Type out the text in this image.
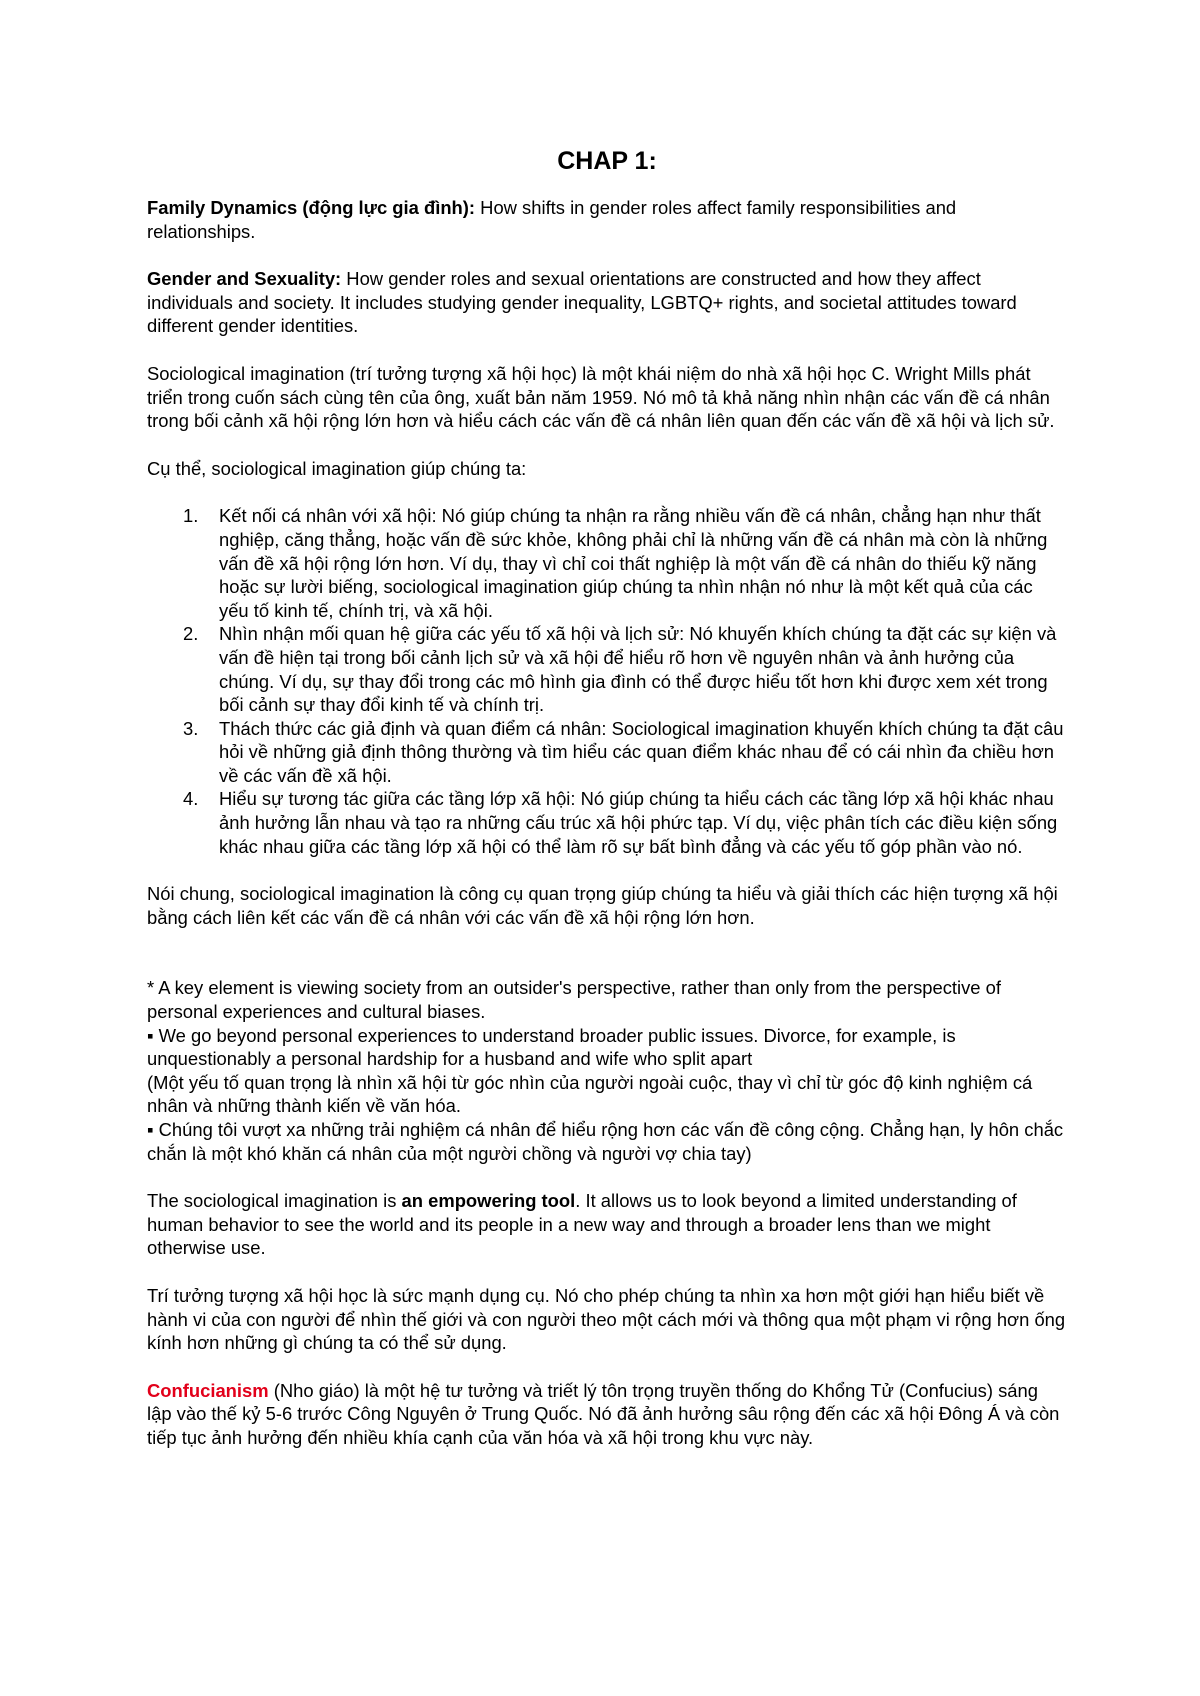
CHAP 1:

Family Dynamics (động lực gia đình): How shifts in gender roles affect family responsibilities and relationships.

Gender and Sexuality: How gender roles and sexual orientations are constructed and how they affect individuals and society. It includes studying gender inequality, LGBTQ+ rights, and societal attitudes toward different gender identities.

Sociological imagination (trí tưởng tượng xã hội học) là một khái niệm do nhà xã hội học C. Wright Mills phát triển trong cuốn sách cùng tên của ông, xuất bản năm 1959. Nó mô tả khả năng nhìn nhận các vấn đề cá nhân trong bối cảnh xã hội rộng lớn hơn và hiểu cách các vấn đề cá nhân liên quan đến các vấn đề xã hội và lịch sử.

Cụ thể, sociological imagination giúp chúng ta:

1. Kết nối cá nhân với xã hội: Nó giúp chúng ta nhận ra rằng nhiều vấn đề cá nhân, chẳng hạn như thất nghiệp, căng thẳng, hoặc vấn đề sức khỏe, không phải chỉ là những vấn đề cá nhân mà còn là những vấn đề xã hội rộng lớn hơn. Ví dụ, thay vì chỉ coi thất nghiệp là một vấn đề cá nhân do thiếu kỹ năng hoặc sự lười biếng, sociological imagination giúp chúng ta nhìn nhận nó như là một kết quả của các yếu tố kinh tế, chính trị, và xã hội.
2. Nhìn nhận mối quan hệ giữa các yếu tố xã hội và lịch sử: Nó khuyến khích chúng ta đặt các sự kiện và vấn đề hiện tại trong bối cảnh lịch sử và xã hội để hiểu rõ hơn về nguyên nhân và ảnh hưởng của chúng. Ví dụ, sự thay đổi trong các mô hình gia đình có thể được hiểu tốt hơn khi được xem xét trong bối cảnh sự thay đổi kinh tế và chính trị.
3. Thách thức các giả định và quan điểm cá nhân: Sociological imagination khuyến khích chúng ta đặt câu hỏi về những giả định thông thường và tìm hiểu các quan điểm khác nhau để có cái nhìn đa chiều hơn về các vấn đề xã hội.
4. Hiểu sự tương tác giữa các tầng lớp xã hội: Nó giúp chúng ta hiểu cách các tầng lớp xã hội khác nhau ảnh hưởng lẫn nhau và tạo ra những cấu trúc xã hội phức tạp. Ví dụ, việc phân tích các điều kiện sống khác nhau giữa các tầng lớp xã hội có thể làm rõ sự bất bình đẳng và các yếu tố góp phần vào nó.

Nói chung, sociological imagination là công cụ quan trọng giúp chúng ta hiểu và giải thích các hiện tượng xã hội bằng cách liên kết các vấn đề cá nhân với các vấn đề xã hội rộng lớn hơn.

* A key element is viewing society from an outsider's perspective, rather than only from the perspective of personal experiences and cultural biases.

▪ We go beyond personal experiences to understand broader public issues. Divorce, for example, is unquestionably a personal hardship for a husband and wife who split apart

(Một yếu tố quan trọng là nhìn xã hội từ góc nhìn của người ngoài cuộc, thay vì chỉ từ góc độ kinh nghiệm cá nhân và những thành kiến về văn hóa.

▪ Chúng tôi vượt xa những trải nghiệm cá nhân để hiểu rộng hơn các vấn đề công cộng. Chẳng hạn, ly hôn chắc chắn là một khó khăn cá nhân của một người chồng và người vợ chia tay)

The sociological imagination is an empowering tool. It allows us to look beyond a limited understanding of human behavior to see the world and its people in a new way and through a broader lens than we might otherwise use.

Trí tưởng tượng xã hội học là sức mạnh dụng cụ. Nó cho phép chúng ta nhìn xa hơn một giới hạn hiểu biết về hành vi của con người để nhìn thế giới và con người theo một cách mới và thông qua một phạm vi rộng hơn ống kính hơn những gì chúng ta có thể sử dụng.

Confucianism (Nho giáo) là một hệ tư tưởng và triết lý tôn trọng truyền thống do Khổng Tử (Confucius) sáng lập vào thế kỷ 5-6 trước Công Nguyên ở Trung Quốc. Nó đã ảnh hưởng sâu rộng đến các xã hội Đông Á và còn tiếp tục ảnh hưởng đến nhiều khía cạnh của văn hóa và xã hội trong khu vực này.
